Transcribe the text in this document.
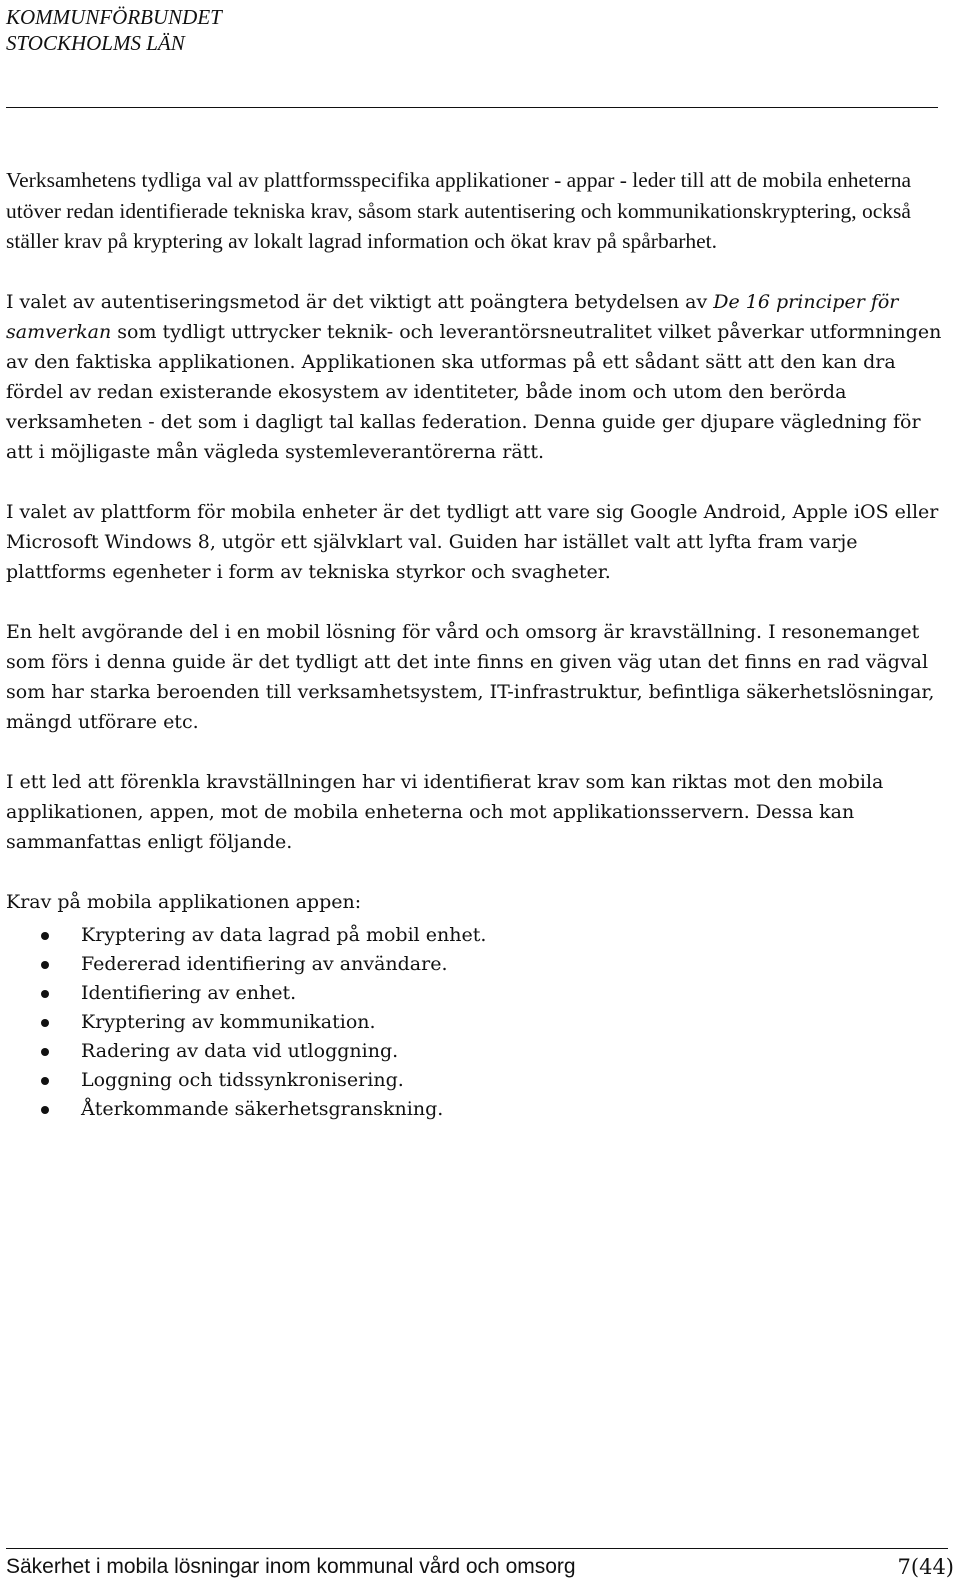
KOMMUNFÖRBUNDET
STOCKHOLMS LÄN

Verksamhetens tydliga val av plattformsspecifika applikationer - appar - leder till att de mobila enheterna utöver redan identifierade tekniska krav, såsom stark autentisering och kommunikationskryptering, också ställer krav på kryptering av lokalt lagrad information och ökat krav på spårbarhet.

I valet av autentiseringsmetod är det viktigt att poängtera betydelsen av De 16 principer för samverkan som tydligt uttrycker teknik- och leverantörsneutralitet vilket påverkar utformningen av den faktiska applikationen. Applikationen ska utformas på ett sådant sätt att den kan dra fördel av redan existerande ekosystem av identiteter, både inom och utom den berörda verksamheten - det som i dagligt tal kallas federation. Denna guide ger djupare vägledning för att i möjligaste mån vägleda systemleverantörerna rätt.

I valet av plattform för mobila enheter är det tydligt att vare sig Google Android, Apple iOS eller Microsoft Windows 8, utgör ett självklart val. Guiden har istället valt att lyfta fram varje plattforms egenheter i form av tekniska styrkor och svagheter.

En helt avgörande del i en mobil lösning för vård och omsorg är kravställning. I resonemanget som förs i denna guide är det tydligt att det inte finns en given väg utan det finns en rad vägval som har starka beroenden till verksamhetsystem, IT-infrastruktur, befintliga säkerhetslösningar, mängd utförare etc.

I ett led att förenkla kravställningen har vi identifierat krav som kan riktas mot den mobila applikationen, appen, mot de mobila enheterna och mot applikationsservern. Dessa kan sammanfattas enligt följande.

Krav på mobila applikationen appen:

Kryptering av data lagrad på mobil enhet.
Federerad identifiering av användare.
Identifiering av enhet.
Kryptering av kommunikation.
Radering av data vid utloggning.
Loggning och tidssynkronisering.
Återkommande säkerhetsgranskning.
Säkerhet i mobila lösningar inom kommunal vård och omsorg	7(44)
